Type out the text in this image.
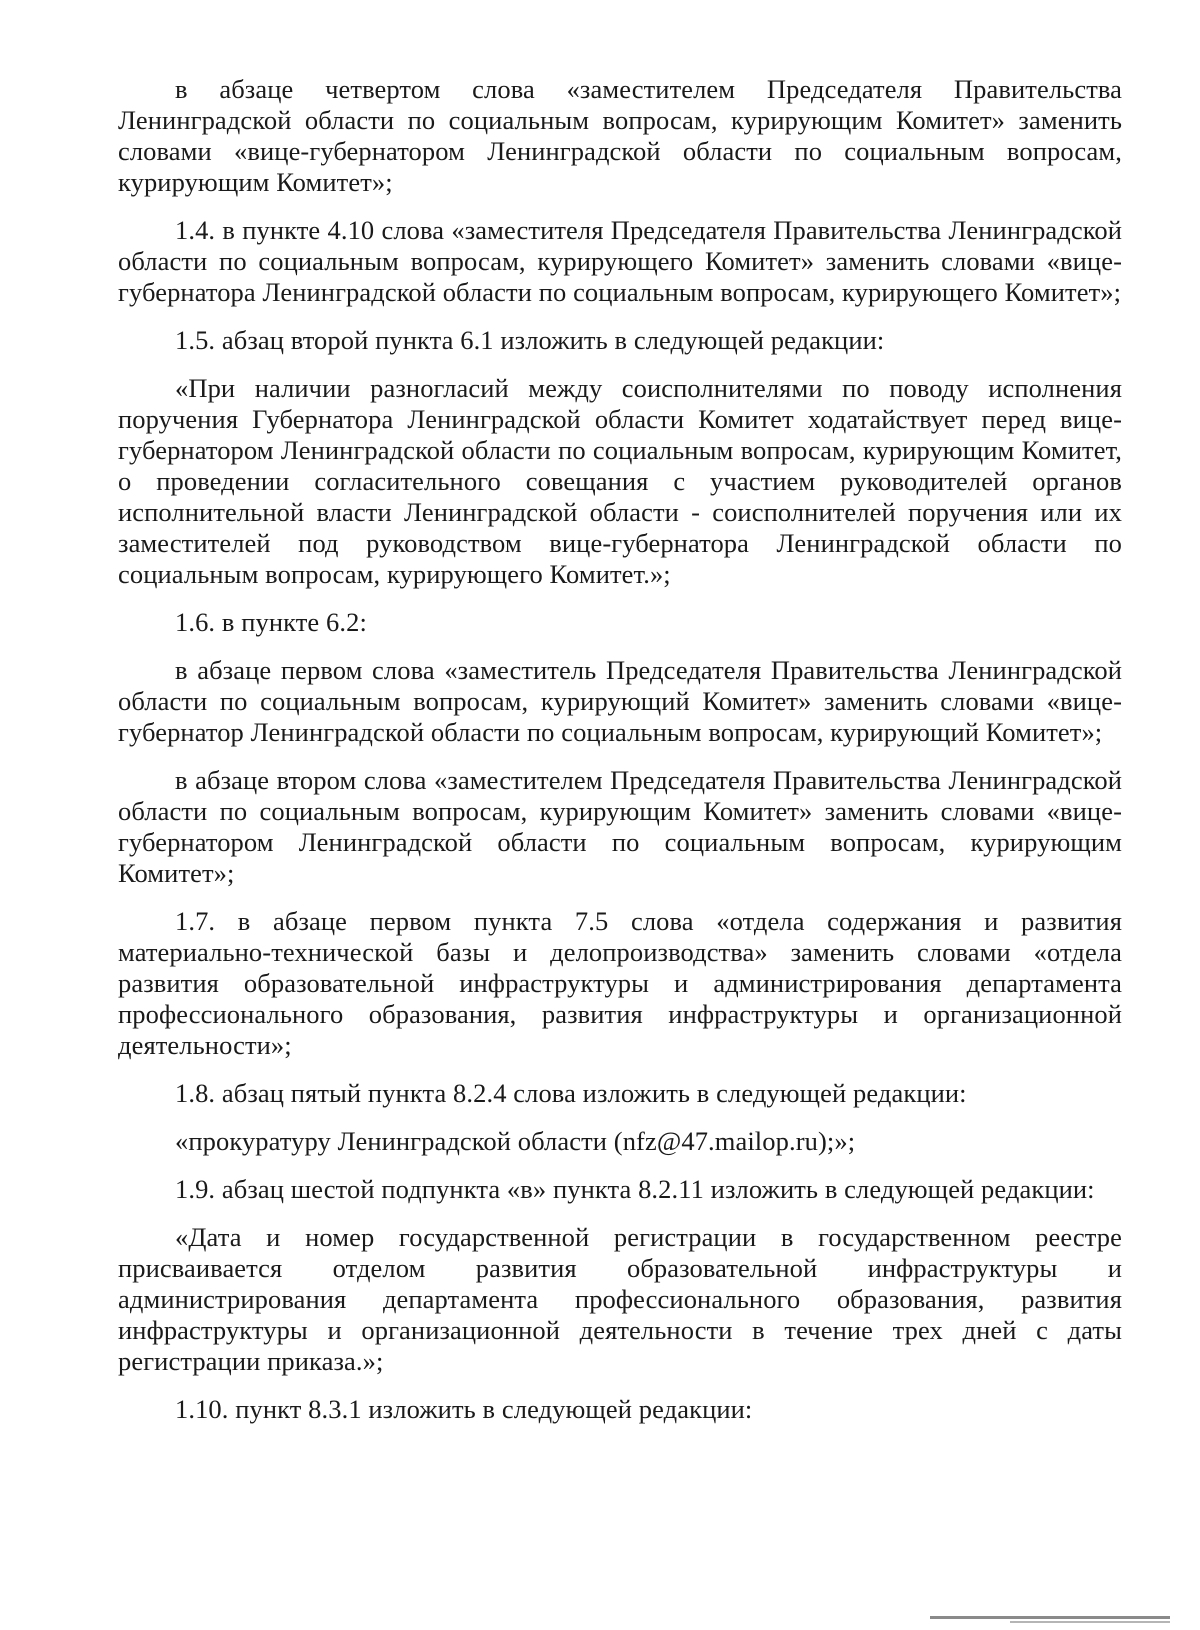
в абзаце четвертом слова «заместителем Председателя Правительства Ленинградской области по социальным вопросам, курирующим Комитет» заменить словами «вице-губернатором Ленинградской области по социальным вопросам, курирующим Комитет»;

1.4. в пункте 4.10 слова «заместителя Председателя Правительства Ленинградской области по социальным вопросам, курирующего Комитет» заменить словами «вице-губернатора Ленинградской области по социальным вопросам, курирующего Комитет»;

1.5. абзац второй пункта 6.1 изложить в следующей редакции:

«При наличии разногласий между соисполнителями по поводу исполнения поручения Губернатора Ленинградской области Комитет ходатайствует перед вице-губернатором Ленинградской области по социальным вопросам, курирующим Комитет, о проведении согласительного совещания с участием руководителей органов исполнительной власти Ленинградской области - соисполнителей поручения или их заместителей под руководством вице-губернатора Ленинградской области по социальным вопросам, курирующего Комитет.»;

1.6. в пункте 6.2:

в абзаце первом слова «заместитель Председателя Правительства Ленинградской области по социальным вопросам, курирующий Комитет» заменить словами «вице-губернатор Ленинградской области по социальным вопросам, курирующий Комитет»;

в абзаце втором слова «заместителем Председателя Правительства Ленинградской области по социальным вопросам, курирующим Комитет» заменить словами «вице-губернатором Ленинградской области по социальным вопросам, курирующим Комитет»;

1.7. в абзаце первом пункта 7.5 слова «отдела содержания и развития материально-технической базы и делопроизводства» заменить словами «отдела развития образовательной инфраструктуры и администрирования департамента профессионального образования, развития инфраструктуры и организационной деятельности»;

1.8. абзац пятый пункта 8.2.4 слова изложить в следующей редакции:

«прокуратуру Ленинградской области (nfz@47.mailop.ru);»;

1.9. абзац шестой подпункта «в» пункта 8.2.11 изложить в следующей редакции:

«Дата и номер государственной регистрации в государственном реестре присваивается отделом развития образовательной инфраструктуры и администрирования департамента профессионального образования, развития инфраструктуры и организационной деятельности в течение трех дней с даты регистрации приказа.»;

1.10. пункт 8.3.1 изложить в следующей редакции:
